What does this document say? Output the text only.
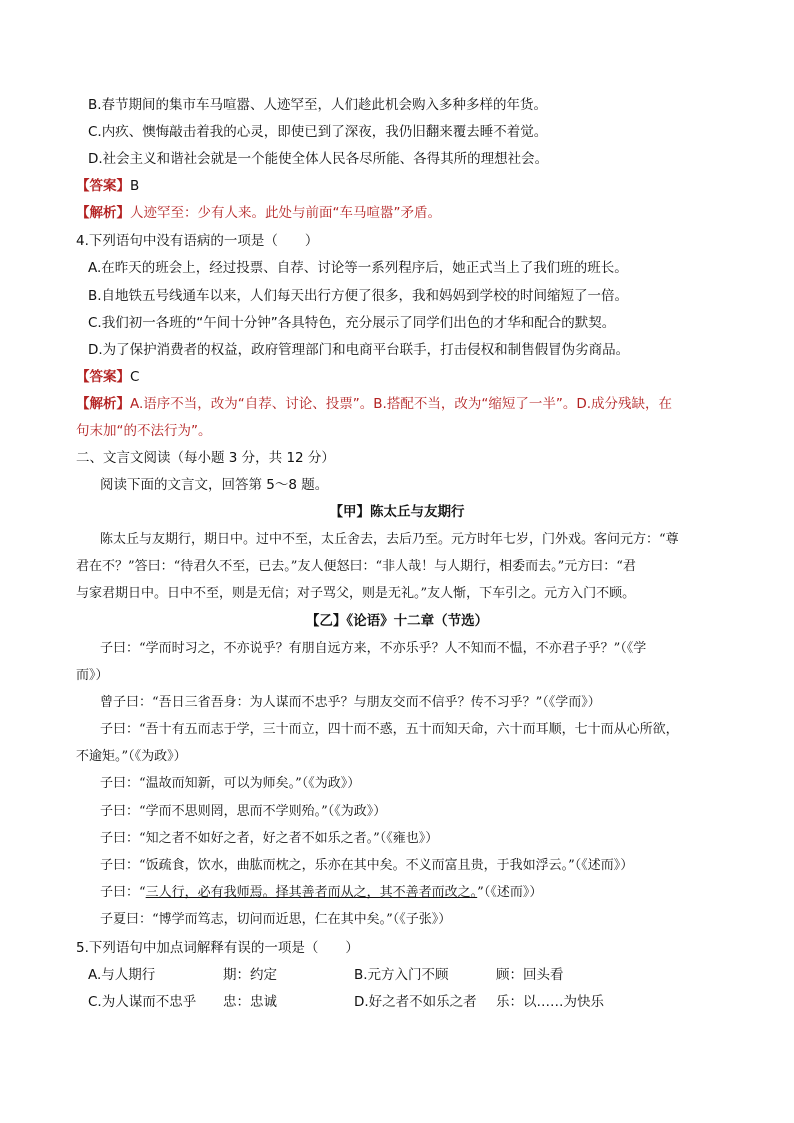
B.春节期间的集市车马喧嚣、人迹罕至，人们趁此机会购入多种多样的年货。
C.内疚、懊悔敲击着我的心灵，即使已到了深夜，我仍旧翻来覆去睡不着觉。
D.社会主义和谐社会就是一个能使全体人民各尽所能、各得其所的理想社会。
【答案】B
【解析】人迹罕至：少有人来。此处与前面“车马喧嚣”矛盾。
4.下列语句中没有语病的一项是（　　）
A.在昨天的班会上，经过投票、自荐、讨论等一系列程序后，她正式当上了我们班的班长。
B.自地铁五号线通车以来，人们每天出行方便了很多，我和妈妈到学校的时间缩短了一倍。
C.我们初一各班的“午间十分钟”各具特色，充分展示了同学们出色的才华和配合的默契。
D.为了保护消费者的权益，政府管理部门和电商平台联手，打击侵权和制售假冒伪劣商品。
【答案】C
【解析】A.语序不当，改为“自荐、讨论、投票”。B.搭配不当，改为“缩短了一半”。D.成分残缺，在
句末加“的不法行为”。
二、文言文阅读（每小题 3 分，共 12 分）
阅读下面的文言文，回答第 5～8 题。
【甲】陈太丘与友期行
陈太丘与友期行，期日中。过中不至，太丘舍去，去后乃至。元方时年七岁，门外戏。客问元方：“尊
君在不？”答曰：“待君久不至，已去。”友人便怒曰：“非人哉！与人期行，相委而去。”元方曰：“君
与家君期日中。日中不至，则是无信；对子骂父，则是无礼。”友人惭，下车引之。元方入门不顾。
【乙】《论语》十二章（节选）
子曰：“学而时习之，不亦说乎？有朋自远方来，不亦乐乎？人不知而不愠，不亦君子乎？”（《学
而》）
曾子曰：“吾日三省吾身：为人谋而不忠乎？与朋友交而不信乎？传不习乎？”（《学而》）
子曰：“吾十有五而志于学，三十而立，四十而不惑，五十而知天命，六十而耳顺，七十而从心所欲，
不逾矩。”（《为政》）
子曰：“温故而知新，可以为师矣。”（《为政》）
子曰：“学而不思则罔，思而不学则殆。”（《为政》）
子曰：“知之者不如好之者，好之者不如乐之者。”（《雍也》）
子曰：“饭疏食，饮水，曲肱而枕之，乐亦在其中矣。不义而富且贵，于我如浮云。”（《述而》）
子曰：“三人行，必有我师焉。择其善者而从之，其不善者而改之。”（《述而》）
子夏曰：“博学而笃志，切问而近思，仁在其中矣。”（《子张》）
5.下列语句中加点词解释有误的一项是（　　）
A.与人期行	期：约定	B.元方入门不顾	顾：回头看
C.为人谋而不忠乎 忠：忠诚	D.好之者不如乐之者 乐：以……为快乐
